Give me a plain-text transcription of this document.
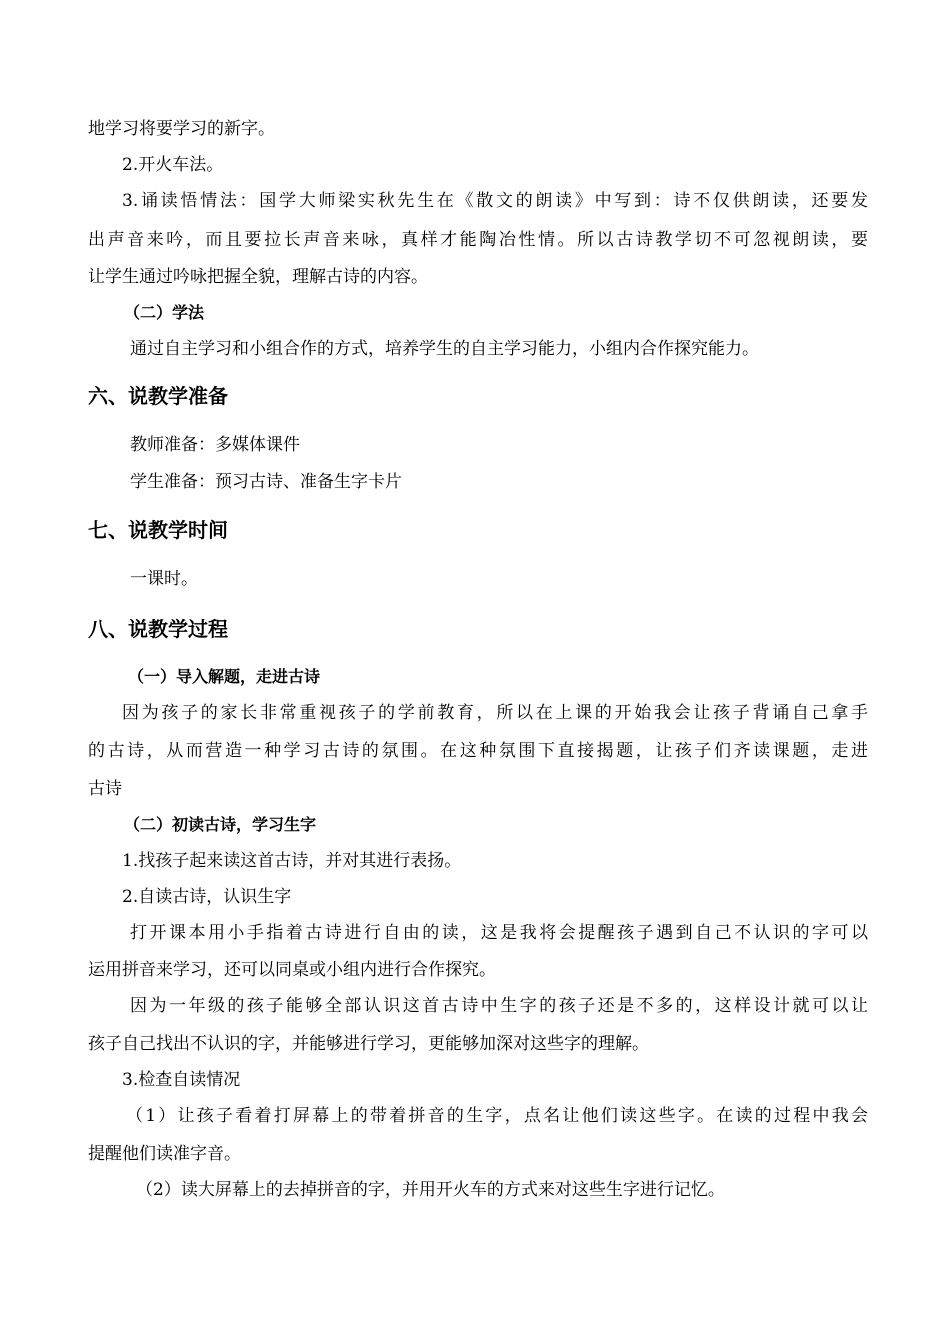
地学习将要学习的新字。
2.开火车法。
3.诵读悟情法：国学大师梁实秋先生在《散文的朗读》中写到：诗不仅供朗读，还要发
出声音来吟，而且要拉长声音来咏，真样才能陶冶性情。所以古诗教学切不可忽视朗读，要
让学生通过吟咏把握全貌，理解古诗的内容。
（二）学法
通过自主学习和小组合作的方式，培养学生的自主学习能力，小组内合作探究能力。
六、说教学准备
教师准备：多媒体课件
学生准备：预习古诗、准备生字卡片
七、说教学时间
一课时。
八、说教学过程
（一）导入解题，走进古诗
因为孩子的家长非常重视孩子的学前教育，所以在上课的开始我会让孩子背诵自己拿手
的古诗，从而营造一种学习古诗的氛围。在这种氛围下直接揭题，让孩子们齐读课题，走进
古诗
（二）初读古诗，学习生字
1.找孩子起来读这首古诗，并对其进行表扬。
2.自读古诗，认识生字
打开课本用小手指着古诗进行自由的读，这是我将会提醒孩子遇到自己不认识的字可以
运用拼音来学习，还可以同桌或小组内进行合作探究。
因为一年级的孩子能够全部认识这首古诗中生字的孩子还是不多的，这样设计就可以让
孩子自己找出不认识的字，并能够进行学习，更能够加深对这些字的理解。
3.检查自读情况
（1）让孩子看着打屏幕上的带着拼音的生字，点名让他们读这些字。在读的过程中我会
提醒他们读准字音。
（2）读大屏幕上的去掉拼音的字，并用开火车的方式来对这些生字进行记忆。
